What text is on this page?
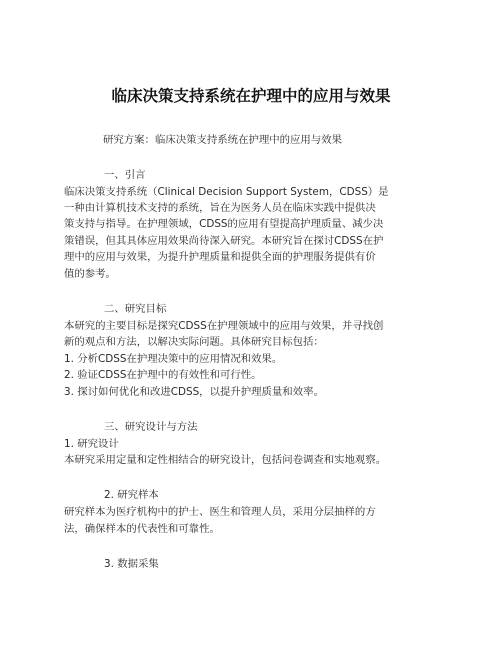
临床决策支持系统在护理中的应用与效果
研究方案：临床决策支持系统在护理中的应用与效果
一、引言
临床决策支持系统（Clinical Decision Support System，CDSS）是
一种由计算机技术支持的系统，旨在为医务人员在临床实践中提供决
策支持与指导。在护理领域，CDSS的应用有望提高护理质量、减少决
策错误，但其具体应用效果尚待深入研究。本研究旨在探讨CDSS在护
理中的应用与效果，为提升护理质量和提供全面的护理服务提供有价
值的参考。
二、研究目标
本研究的主要目标是探究CDSS在护理领域中的应用与效果，并寻找创
新的观点和方法，以解决实际问题。具体研究目标包括：
1. 分析CDSS在护理决策中的应用情况和效果。
2. 验证CDSS在护理中的有效性和可行性。
3. 探讨如何优化和改进CDSS，以提升护理质量和效率。
三、研究设计与方法
1. 研究设计
本研究采用定量和定性相结合的研究设计，包括问卷调查和实地观察。
2. 研究样本
研究样本为医疗机构中的护士、医生和管理人员，采用分层抽样的方
法，确保样本的代表性和可靠性。
3. 数据采集
